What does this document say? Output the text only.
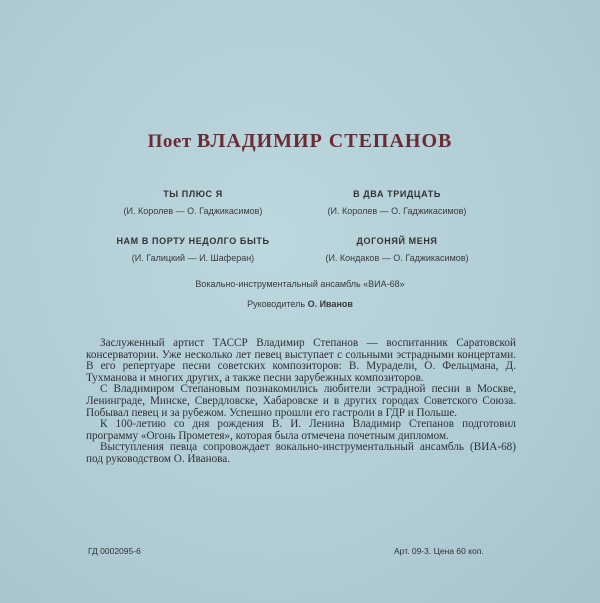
Поет ВЛАДИМИР СТЕПАНОВ
ТЫ ПЛЮС Я
(И. Королев — О. Гаджикасимов)
В ДВА ТРИДЦАТЬ
(И. Королев — О. Гаджикасимов)
НАМ В ПОРТУ НЕДОЛГО БЫТЬ
(И. Галицкий — И. Шаферан)
ДОГОНЯЙ МЕНЯ
(И. Кондаков — О. Гаджикасимов)
Вокально-инструментальный ансамбль «ВИА-68»
Руководитель О. Иванов

Заслуженный артист ТАССР Владимир Степанов — воспитанник Саратовской консерватории. Уже несколько лет певец выступает с сольными эстрадными концертами. В его репертуаре песни советских композиторов: В. Мурадели, О. Фельцмана, Д. Тухманова и многих других, а также песни зарубежных композиторов.

С Владимиром Степановым познакомились любители эстрадной песни в Москве, Ленинграде, Минске, Свердловске, Хабаровске и в других городах Советского Союза. Побывал певец и за рубежом. Успешно прошли его гастроли в ГДР и Польше.

К 100-летию со дня рождения В. И. Ленина Владимир Степанов подготовил программу «Огонь Прометея», которая была отмечена почетным дипломом.

Выступления певца сопровождает вокально-инструментальный ансамбль (ВИА-68) под руководством О. Иванова.

ГД 0002095-6	Арт. 09-3. Цена 60 коп.
